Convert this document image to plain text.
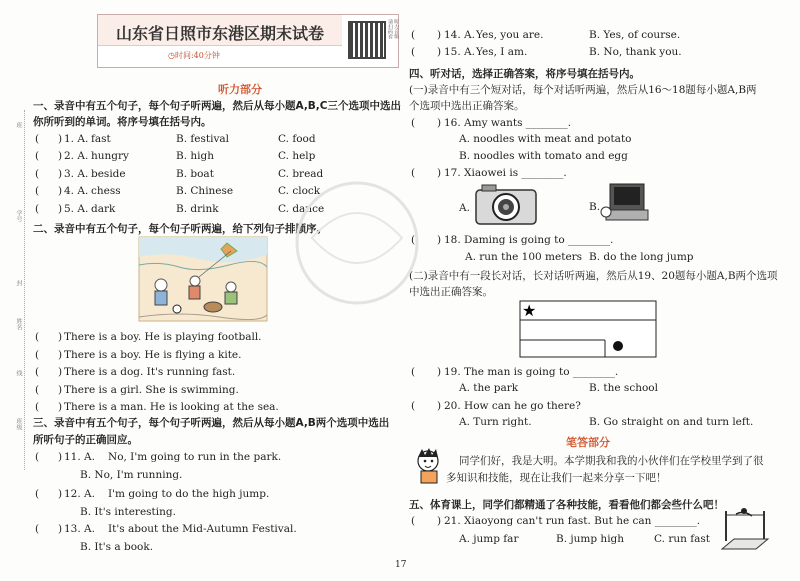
班
学号
封
姓名
线
班级
山东省日照市东港区期末试卷
◷时间:40分钟
请扫码看 听力音频
听力部分
一、录音中有五个句子，每个句子听两遍，然后从每小题A,B,C三个选项中选出
你所听到的单词。将序号填在括号内。
( ) 1. A. fast	B. festival	C. food
( ) 2. A. hungry	B. high	C. help
( ) 3. A. beside	B. boat	C. bread
( ) 4. A. chess	B. Chinese	C. clock
( ) 5. A. dark	B. drink	C. dance
二、录音中有五个句子，每个句子听两遍，给下列句子排顺序。
( ) There is a boy. He is playing football.
( ) There is a boy. He is flying a kite.
( ) There is a dog. It's running fast.
( ) There is a girl. She is swimming.
( ) There is a man. He is looking at the sea.
三、录音中有五个句子，每个句子听两遍，然后从每小题A,B两个选项中选出
所听句子的正确回应。
( ) 11. A. No, I'm going to run in the park.
B. No, I'm running.
( ) 12. A. I'm going to do the high jump.
B. It's interesting.
( ) 13. A. It's about the Mid-Autumn Festival.
B. It's a book.
( ) 14. A. Yes, you are.	B. Yes, of course.
( ) 15. A. Yes, I am.	B. No, thank you.
四、听对话，选择正确答案，将序号填在括号内。
(一)录音中有三个短对话，每个对话听两遍，然后从16～18题每小题A,B两
个选项中选出正确答案。
( ) 16. Amy wants ________.
A. noodles with meat and potato
B. noodles with tomato and egg
( ) 17. Xiaowei is ________.
A.	B.
( ) 18. Daming is going to ________.
A. run the 100 meters B. do the long jump
(二)录音中有一段长对话，长对话听两遍，然后从19、20题每小题A,B两个选项
中选出正确答案。
★
( ) 19. The man is going to ________.
A. the park	B. the school
( ) 20. How can he go there?
A. Turn right.	B. Go straight on and turn left.
笔答部分
同学们好，我是大明。本学期我和我的小伙伴们在学校里学到了很
多知识和技能，现在让我们一起来分享一下吧！
五、体育课上，同学们都精通了各种技能，看看他们都会些什么吧！
( ) 21. Xiaoyong can't run fast. But he can ________.
A. jump far	B. jump high	C. run fast
17
